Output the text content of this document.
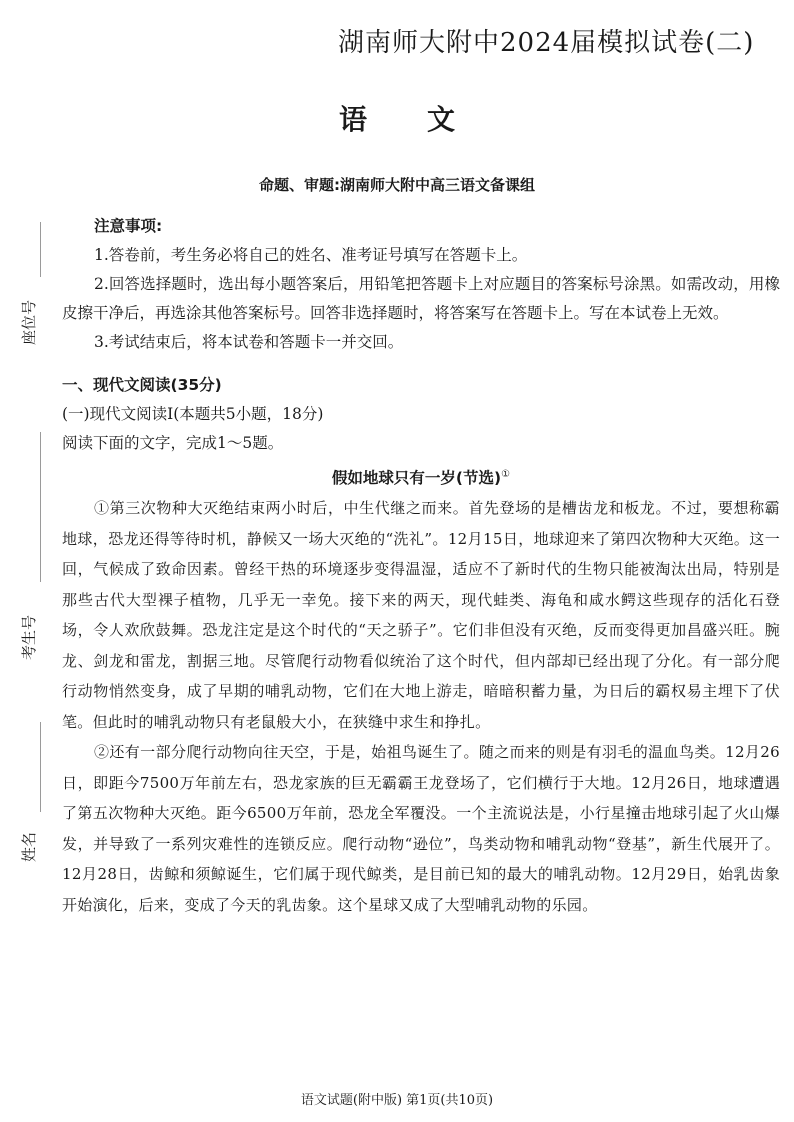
座位号
考生号
姓名
湖南师大附中2024届模拟试卷(二)
语 文
命题、审题:湖南师大附中高三语文备课组
注意事项:

1.答卷前，考生务必将自己的姓名、准考证号填写在答题卡上。

2.回答选择题时，选出每小题答案后，用铅笔把答题卡上对应题目的答案标号涂黑。如需改动，用橡皮擦干净后，再选涂其他答案标号。回答非选择题时，将答案写在答题卡上。写在本试卷上无效。

3.考试结束后，将本试卷和答题卡一并交回。

一、现代文阅读(35分)

(一)现代文阅读Ⅰ(本题共5小题，18分)

阅读下面的文字，完成1～5题。

假如地球只有一岁(节选)①

①第三次物种大灭绝结束两小时后，中生代继之而来。首先登场的是槽齿龙和板龙。不过，要想称霸地球，恐龙还得等待时机，静候又一场大灭绝的“洗礼”。12月15日，地球迎来了第四次物种大灭绝。这一回，气候成了致命因素。曾经干热的环境逐步变得温湿，适应不了新时代的生物只能被淘汰出局，特别是那些古代大型裸子植物，几乎无一幸免。接下来的两天，现代蛙类、海龟和咸水鳄这些现存的活化石登场，令人欢欣鼓舞。恐龙注定是这个时代的“天之骄子”。它们非但没有灭绝，反而变得更加昌盛兴旺。腕龙、剑龙和雷龙，割据三地。尽管爬行动物看似统治了这个时代，但内部却已经出现了分化。有一部分爬行动物悄然变身，成了早期的哺乳动物，它们在大地上游走，暗暗积蓄力量，为日后的霸权易主埋下了伏笔。但此时的哺乳动物只有老鼠般大小，在狭缝中求生和挣扎。

②还有一部分爬行动物向往天空，于是，始祖鸟诞生了。随之而来的则是有羽毛的温血鸟类。12月26日，即距今7500万年前左右，恐龙家族的巨无霸霸王龙登场了，它们横行于大地。12月26日，地球遭遇了第五次物种大灭绝。距今6500万年前，恐龙全军覆没。一个主流说法是，小行星撞击地球引起了火山爆发，并导致了一系列灾难性的连锁反应。爬行动物“逊位”，鸟类动物和哺乳动物“登基”，新生代展开了。12月28日，齿鲸和须鲸诞生，它们属于现代鲸类，是目前已知的最大的哺乳动物。12月29日，始乳齿象开始演化，后来，变成了今天的乳齿象。这个星球又成了大型哺乳动物的乐园。

语文试题(附中版) 第1页(共10页)
